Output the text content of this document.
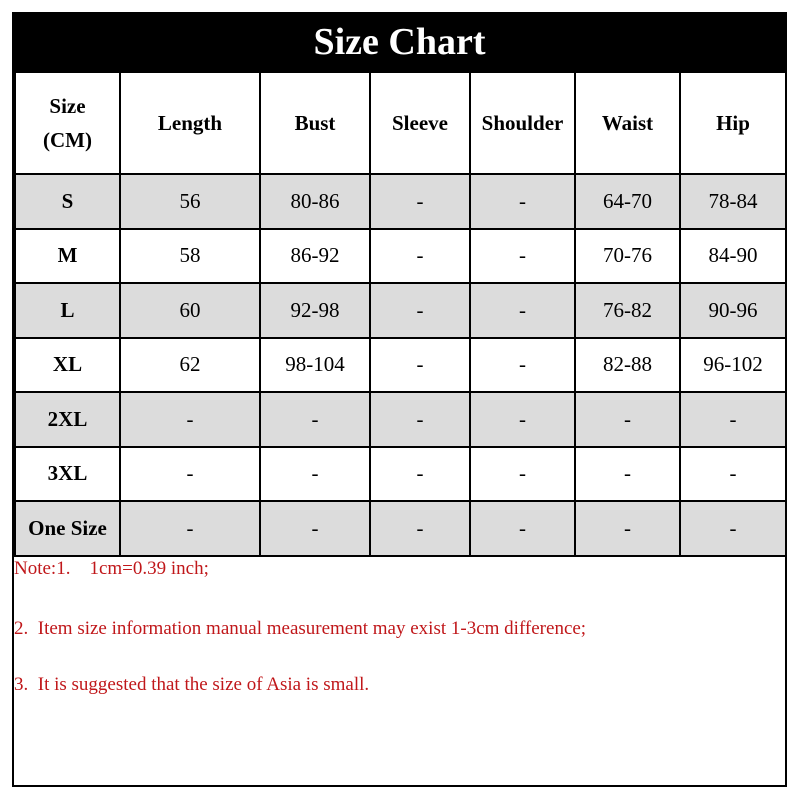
Size Chart
Size
(CM)	Length	Bust	Sleeve	Shoulder	Waist	Hip
S	56	80-86	-	-	64-70	78-84
M	58	86-92	-	-	70-76	84-90
L	60	92-98	-	-	76-82	90-96
XL	62	98-104	-	-	82-88	96-102
2XL	-	-	-	-	-	-
3XL	-	-	-	-	-	-
One Size	-	-	-	-	-	-
Note:1.    1cm=0.39 inch;
2.  Item size information manual measurement may exist 1-3cm difference;
3.  It is suggested that the size of Asia is small.
